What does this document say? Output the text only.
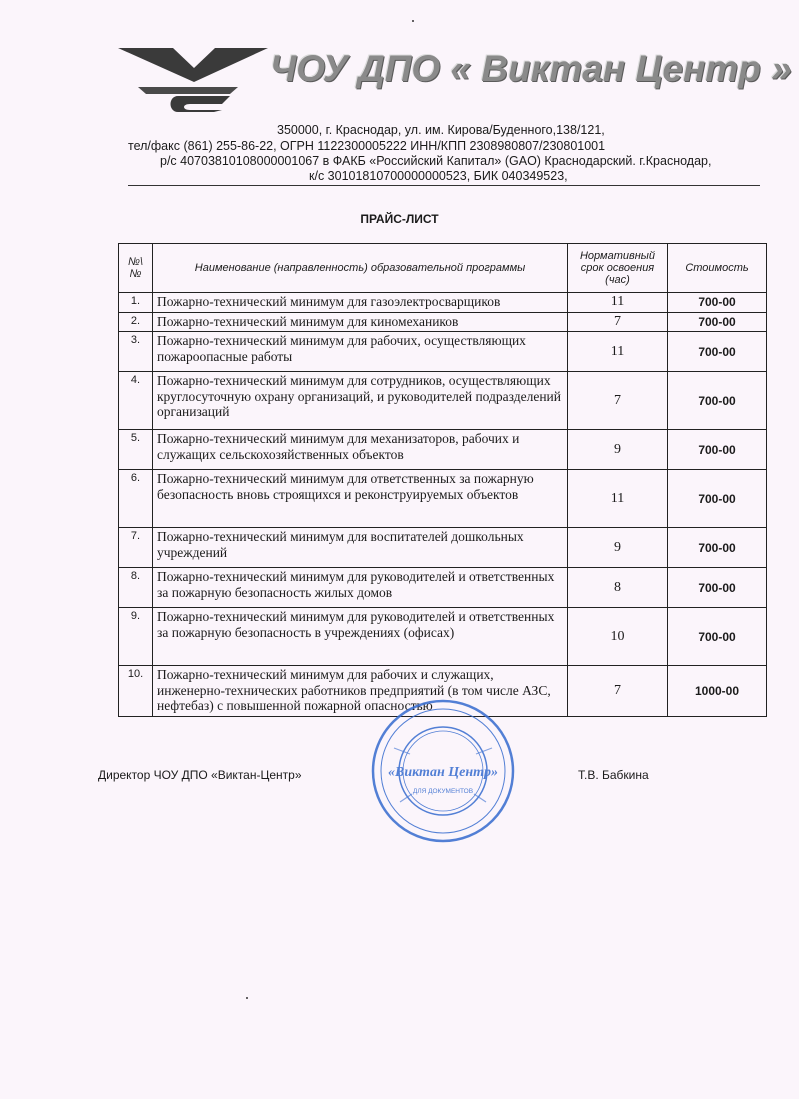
ЧОУ ДПО « Виктан Центр »
350000, г. Краснодар, ул. им. Кирова/Буденного,138/121,
тел/факс (861) 255-86-22, ОГРН 1122300005222 ИНН/КПП 2308980807/230801001
р/с 40703810108000001067 в ФАКБ «Российский Капитал» (GAO) Краснодарский. г.Краснодар,
к/с 30101810700000000523, БИК 040349523,
ПРАЙС-ЛИСТ
№\ №	Наименование (направленность) образовательной программы	Нормативный срок освоения (час)	Стоимость
1.	Пожарно-технический минимум для газоэлектросварщиков	11	700-00
2.	Пожарно-технический минимум для киномехаников	7	700-00
3.	Пожарно-технический минимум для рабочих, осуществляющих пожароопасные работы	11	700-00
4.	Пожарно-технический минимум для сотрудников, осуществляющих круглосуточную охрану организаций, и руководителей подразделений организаций	7	700-00
5.	Пожарно-технический минимум для механизаторов, рабочих и служащих сельскохозяйственных объектов	9	700-00
6.	Пожарно-технический минимум для ответственных за пожарную безопасность вновь строящихся и реконструируемых объектов	11	700-00
7.	Пожарно-технический минимум для воспитателей дошкольных учреждений	9	700-00
8.	Пожарно-технический минимум для руководителей и ответственных за пожарную безопасность жилых домов	8	700-00
9.	Пожарно-технический минимум для руководителей и ответственных за пожарную безопасность в учреждениях (офисах)	10	700-00
10.	Пожарно-технический минимум для рабочих и служащих, инженерно-технических работников предприятий (в том числе АЗС, нефтебаз) с повышенной пожарной опасностью	7	1000-00
Директор ЧОУ ДПО «Виктан-Центр»	Т.В. Бабкина
«Виктан Центр»
ДЛЯ ДОКУМЕНТОВ
